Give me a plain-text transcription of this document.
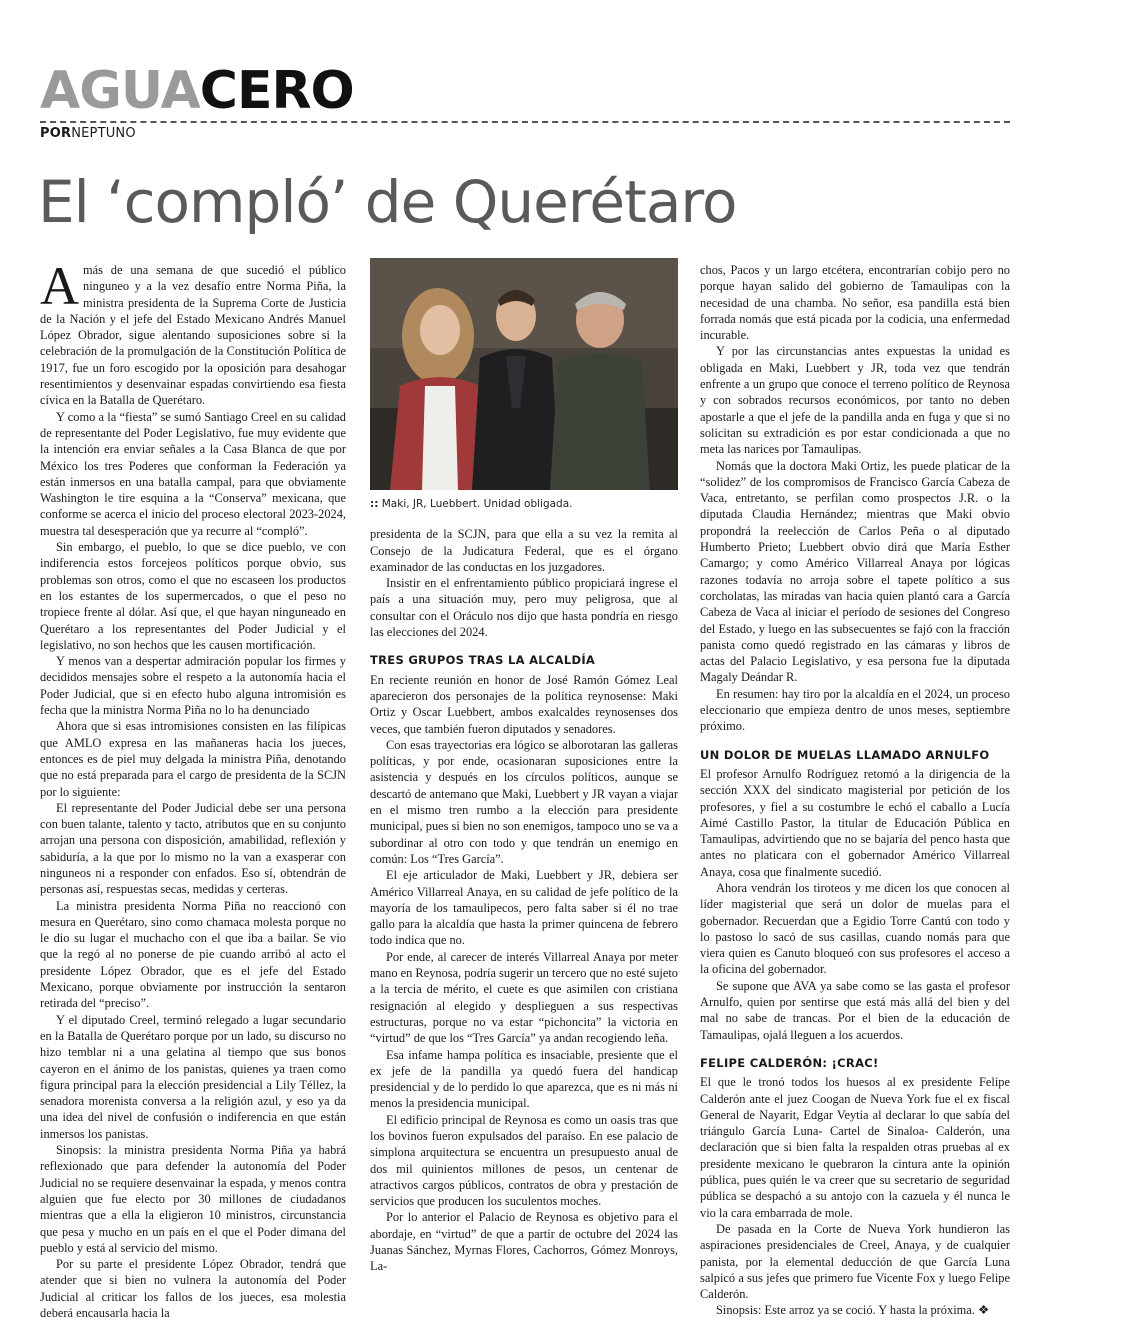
AGUACERO
PORNEPTUNO
El ‘compló’ de Querétaro

Amás de una semana de que sucedió el público ninguneo y a la vez desafío entre Norma Piña, la ministra presidenta de la Suprema Corte de Justicia de la Nación y el jefe del Estado Mexicano Andrés Manuel López Obrador, sigue alentando suposiciones sobre si la celebración de la promulgación de la Constitución Política de 1917, fue un foro escogido por la oposición para desahogar resentimientos y desenvainar espadas convirtiendo esa fiesta cívica en la Batalla de Querétaro.

Y como a la “fiesta” se sumó Santiago Creel en su calidad de representante del Poder Legislativo, fue muy evidente que la intención era enviar señales a la Casa Blanca de que por México los tres Poderes que conforman la Federación ya están inmersos en una batalla campal, para que obviamente Washington le tire esquina a la “Conserva” mexicana, que conforme se acerca el inicio del proceso electoral 2023-2024, muestra tal desesperación que ya recurre al “compló”.

Sin embargo, el pueblo, lo que se dice pueblo, ve con indiferencia estos forcejeos políticos porque obvio, sus problemas son otros, como el que no escaseen los productos en los estantes de los supermercados, o que el peso no tropiece frente al dólar. Así que, el que hayan ninguneado en Querétaro a los representantes del Poder Judicial y el legislativo, no son hechos que les causen mortificación.

Y menos van a despertar admiración popular los firmes y decididos mensajes sobre el respeto a la autonomía hacia el Poder Judicial, que si en efecto hubo alguna intromisión es fecha que la ministra Norma Piña no lo ha denunciado

Ahora que si esas intromisiones consisten en las filípicas que AMLO expresa en las mañaneras hacia los jueces, entonces es de piel muy delgada la ministra Piña, denotando que no está preparada para el cargo de presidenta de la SCJN por lo siguiente:

El representante del Poder Judicial debe ser una persona con buen talante, talento y tacto, atributos que en su conjunto arrojan una persona con disposición, amabilidad, reflexión y sabiduría, a la que por lo mismo no la van a exasperar con ninguneos ni a responder con enfados. Eso sí, obtendrán de personas así, respuestas secas, medidas y certeras.

La ministra presidenta Norma Piña no reaccionó con mesura en Querétaro, sino como chamaca molesta porque no le dio su lugar el muchacho con el que iba a bailar. Se vio que la regó al no ponerse de pie cuando arribó al acto el presidente López Obrador, que es el jefe del Estado Mexicano, porque obviamente por instrucción la sentaron retirada del “preciso”.

Y el diputado Creel, terminó relegado a lugar secundario en la Batalla de Querétaro porque por un lado, su discurso no hizo temblar ni a una gelatina al tiempo que sus bonos cayeron en el ánimo de los panistas, quienes ya traen como figura principal para la elección presidencial a Lily Téllez, la senadora morenista conversa a la religión azul, y eso ya da una idea del nivel de confusión o indiferencia en que están inmersos los panistas.

Sinopsis: la ministra presidenta Norma Piña ya habrá reflexionado que para defender la autonomía del Poder Judicial no se requiere desenvainar la espada, y menos contra alguien que fue electo por 30 millones de ciudadanos mientras que a ella la eligieron 10 ministros, circunstancia que pesa y mucho en un país en el que el Poder dimana del pueblo y está al servicio del mismo.

Por su parte el presidente López Obrador, tendrá que atender que si bien no vulnera la autonomía del Poder Judicial al criticar los fallos de los jueces, esa molestia deberá encausarla hacia la

:: Maki, JR, Luebbert. Unidad obligada.

presidenta de la SCJN, para que ella a su vez la remita al Consejo de la Judicatura Federal, que es el órgano examinador de las conductas en los juzgadores.

Insistir en el enfrentamiento público propiciará ingrese el país a una situación muy, pero muy peligrosa, que al consultar con el Oráculo nos dijo que hasta pondría en riesgo las elecciones del 2024.

TRES GRUPOS TRAS LA ALCALDÍA

En reciente reunión en honor de José Ramón Gómez Leal aparecieron dos personajes de la política reynosense: Maki Ortiz y Oscar Luebbert, ambos exalcaldes reynosenses dos veces, que también fueron diputados y senadores.

Con esas trayectorias era lógico se alborotaran las galleras políticas, y por ende, ocasionaran suposiciones entre la asistencia y después en los círculos políticos, aunque se descartó de antemano que Maki, Luebbert y JR vayan a viajar en el mismo tren rumbo a la elección para presidente municipal, pues si bien no son enemigos, tampoco uno se va a subordinar al otro con todo y que tendrán un enemigo en común: Los “Tres García”.

El eje articulador de Maki, Luebbert y JR, debiera ser Américo Villarreal Anaya, en su calidad de jefe político de la mayoría de los tamaulipecos, pero falta saber si él no trae gallo para la alcaldía que hasta la primer quincena de febrero todo indica que no.

Por ende, al carecer de interés Villarreal Anaya por meter mano en Reynosa, podría sugerir un tercero que no esté sujeto a la tercia de mérito, el cuete es que asimilen con cristiana resignación al elegido y desplieguen a sus respectivas estructuras, porque no va estar “pichoncita” la victoria en “virtud” de que los “Tres García” ya andan recogiendo leña.

Esa infame hampa política es insaciable, presiente que el ex jefe de la pandilla ya quedó fuera del handicap presidencial y de lo perdido lo que aparezca, que es ni más ni menos la presidencia municipal.

El edificio principal de Reynosa es como un oasis tras que los bovinos fueron expulsados del paraíso. En ese palacio de simplona arquitectura se encuentra un presupuesto anual de dos mil quinientos millones de pesos, un centenar de atractivos cargos públicos, contratos de obra y prestación de servicios que producen los suculentos moches.

Por lo anterior el Palacio de Reynosa es objetivo para el abordaje, en “virtud” de que a partir de octubre del 2024 las Juanas Sánchez, Myrnas Flores, Cachorros, Gómez Monroys, La-

chos, Pacos y un largo etcétera, encontrarían cobijo pero no porque hayan salido del gobierno de Tamaulipas con la necesidad de una chamba. No señor, esa pandilla está bien forrada nomás que está picada por la codicia, una enfermedad incurable.

Y por las circunstancias antes expuestas la unidad es obligada en Maki, Luebbert y JR, toda vez que tendrán enfrente a un grupo que conoce el terreno político de Reynosa y con sobrados recursos económicos, por tanto no deben apostarle a que el jefe de la pandilla anda en fuga y que si no solicitan su extradición es por estar condicionada a que no meta las narices por Tamaulipas.

Nomás que la doctora Maki Ortiz, les puede platicar de la “solidez” de los compromisos de Francisco García Cabeza de Vaca, entretanto, se perfilan como prospectos J.R. o la diputada Claudia Hernández; mientras que Maki obvio propondrá la reelección de Carlos Peña o al diputado Humberto Prieto; Luebbert obvio dirá que María Esther Camargo; y como Américo Villarreal Anaya por lógicas razones todavía no arroja sobre el tapete político a sus corcholatas, las miradas van hacia quien plantó cara a García Cabeza de Vaca al iniciar el período de sesiones del Congreso del Estado, y luego en las subsecuentes se fajó con la fracción panista como quedó registrado en las cámaras y libros de actas del Palacio Legislativo, y esa persona fue la diputada Magaly Deándar R.

En resumen: hay tiro por la alcaldía en el 2024, un proceso eleccionario que empieza dentro de unos meses, septiembre próximo.

UN DOLOR DE MUELAS LLAMADO ARNULFO

El profesor Arnulfo Rodríguez retomó a la dirigencia de la sección XXX del sindicato magisterial por petición de los profesores, y fiel a su costumbre le echó el caballo a Lucía Aimé Castillo Pastor, la titular de Educación Pública en Tamaulipas, advirtiendo que no se bajaría del penco hasta que antes no platicara con el gobernador Américo Villarreal Anaya, cosa que finalmente sucedió.

Ahora vendrán los tiroteos y me dicen los que conocen al líder magisterial que será un dolor de muelas para el gobernador. Recuerdan que a Egidio Torre Cantú con todo y lo pastoso lo sacó de sus casillas, cuando nomás para que viera quien es Canuto bloqueó con sus profesores el acceso a la oficina del gobernador.

Se supone que AVA ya sabe como se las gasta el profesor Arnulfo, quien por sentirse que está más allá del bien y del mal no sabe de trancas. Por el bien de la educación de Tamaulipas, ojalá lleguen a los acuerdos.

FELIPE CALDERÓN: ¡CRAC!

El que le tronó todos los huesos al ex presidente Felipe Calderón ante el juez Coogan de Nueva York fue el ex fiscal General de Nayarit, Edgar Veytia al declarar lo que sabía del triángulo García Luna- Cartel de Sinaloa- Calderón, una declaración que si bien falta la respalden otras pruebas al ex presidente mexicano le quebraron la cintura ante la opinión pública, pues quién le va creer que su secretario de seguridad pública se despachó a su antojo con la cazuela y él nunca le vio la cara embarrada de mole.

De pasada en la Corte de Nueva York hundieron las aspiraciones presidenciales de Creel, Anaya, y de cualquier panista, por la elemental deducción de que García Luna salpicó a sus jefes que primero fue Vicente Fox y luego Felipe Calderón.

Sinopsis: Este arroz ya se coció. Y hasta la próxima. ❖
